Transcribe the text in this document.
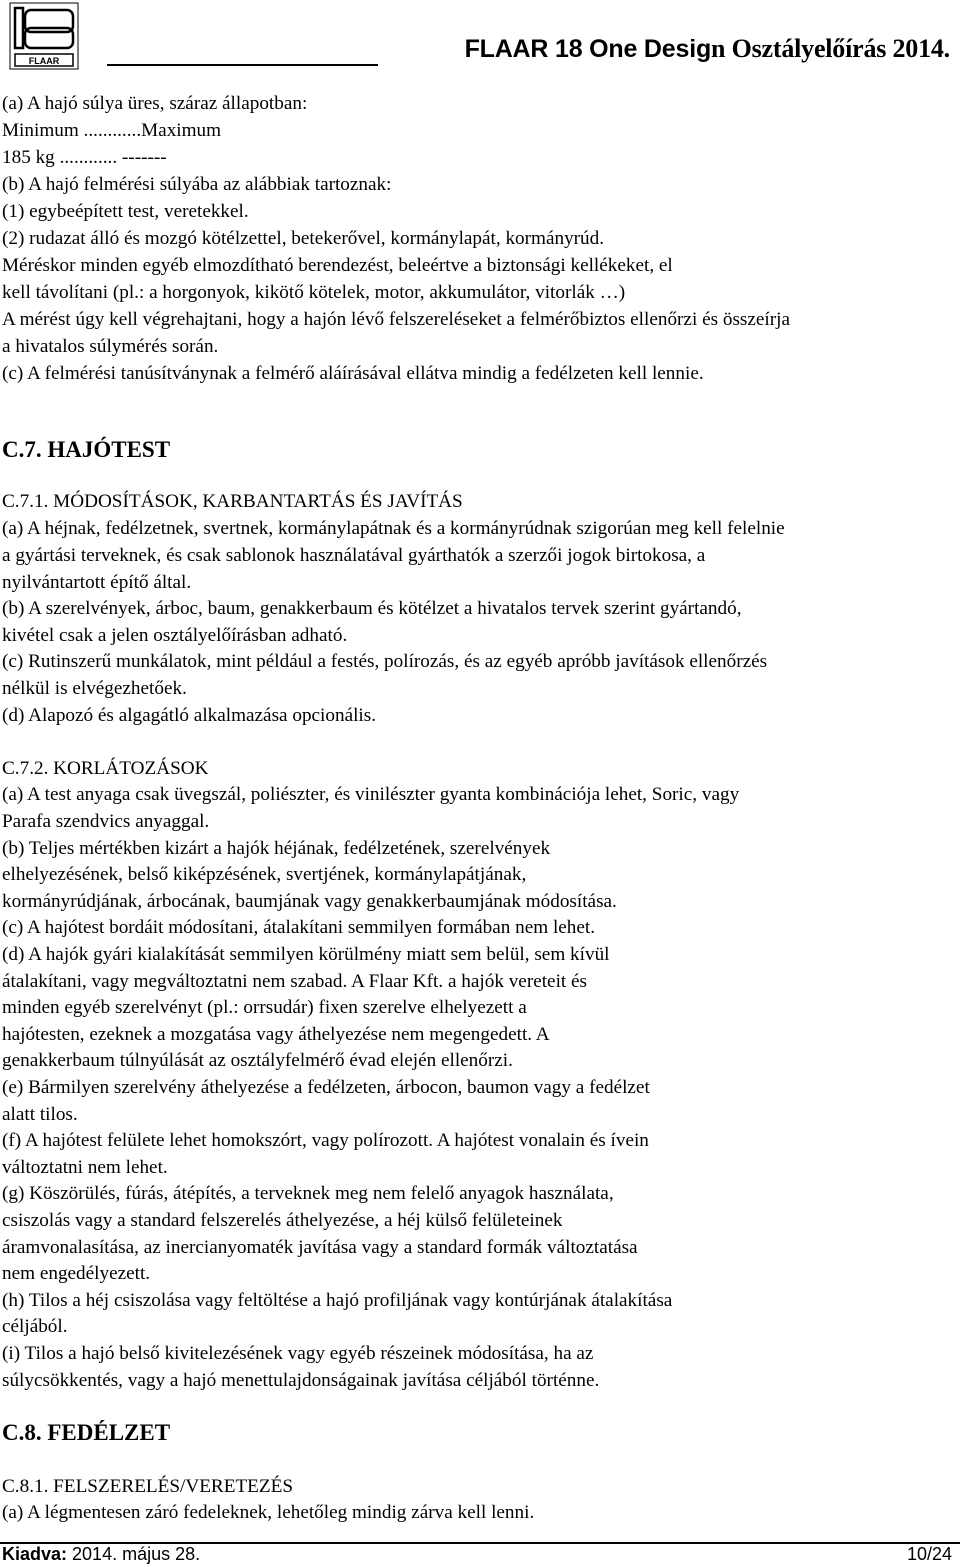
FLAAR	FLAAR 18 One Design Osztályelőírás 2014.
(a) A hajó súlya üres, száraz állapotban:
Minimum ............Maximum
185 kg ............ -------
(b) A hajó felmérési súlyába az alábbiak tartoznak:
(1) egybeépített test, veretekkel.
(2) rudazat álló és mozgó kötélzettel, betekerővel, kormánylapát, kormányrúd.
Méréskor minden egyéb elmozdítható berendezést, beleértve a biztonsági kellékeket, el
kell távolítani (pl.: a horgonyok, kikötő kötelek, motor, akkumulátor, vitorlák …)
A mérést úgy kell végrehajtani, hogy a hajón lévő felszereléseket a felmérőbiztos ellenőrzi és összeírja
a hivatalos súlymérés során.
(c) A felmérési tanúsítványnak a felmérő aláírásával ellátva mindig a fedélzeten kell lennie.
C.7. HAJÓTEST
C.7.1. MÓDOSÍTÁSOK, KARBANTARTÁS ÉS JAVÍTÁS
(a) A héjnak, fedélzetnek, svertnek, kormánylapátnak és a kormányrúdnak szigorúan meg kell felelnie
a gyártási terveknek, és csak sablonok használatával gyárthatók a szerzői jogok birtokosa, a
nyilvántartott építő által.
(b) A szerelvények, árboc, baum, genakkerbaum és kötélzet a hivatalos tervek szerint gyártandó,
kivétel csak a jelen osztályelőírásban adható.
(c) Rutinszerű munkálatok, mint például a festés, polírozás, és az egyéb apróbb javítások ellenőrzés
nélkül is elvégezhetőek.
(d) Alapozó és algagátló alkalmazása opcionális.
C.7.2. KORLÁTOZÁSOK
(a) A test anyaga csak üvegszál, poliészter, és vinilészter gyanta kombinációja lehet, Soric, vagy
Parafa szendvics anyaggal.
(b) Teljes mértékben kizárt a hajók héjának, fedélzetének, szerelvények
elhelyezésének, belső kiképzésének, svertjének, kormánylapátjának,
kormányrúdjának, árbocának, baumjának vagy genakkerbaumjának módosítása.
(c) A hajótest bordáit módosítani, átalakítani semmilyen formában nem lehet.
(d) A hajók gyári kialakítását semmilyen körülmény miatt sem belül, sem kívül
átalakítani, vagy megváltoztatni nem szabad. A Flaar Kft. a hajók vereteit és
minden egyéb szerelvényt (pl.: orrsudár) fixen szerelve elhelyezett a
hajótesten, ezeknek a mozgatása vagy áthelyezése nem megengedett. A
genakkerbaum túlnyúlását az osztályfelmérő évad elején ellenőrzi.
(e) Bármilyen szerelvény áthelyezése a fedélzeten, árbocon, baumon vagy a fedélzet
alatt tilos.
(f) A hajótest felülete lehet homokszórt, vagy polírozott. A hajótest vonalain és ívein
változtatni nem lehet.
(g) Köszörülés, fúrás, átépítés, a terveknek meg nem felelő anyagok használata,
csiszolás vagy a standard felszerelés áthelyezése, a héj külső felületeinek
áramvonalasítása, az inercianyomaték javítása vagy a standard formák változtatása
nem engedélyezett.
(h) Tilos a héj csiszolása vagy feltöltése a hajó profiljának vagy kontúrjának átalakítása
céljából.
(i) Tilos a hajó belső kivitelezésének vagy egyéb részeinek módosítása, ha az
súlycsökkentés, vagy a hajó menettulajdonságainak javítása céljából történne.
C.8. FEDÉLZET
C.8.1. FELSZERELÉS/VERETEZÉS
(a) A légmentesen záró fedeleknek, lehetőleg mindig zárva kell lenni.
Kiadva: 2014. május 28.	10/24
